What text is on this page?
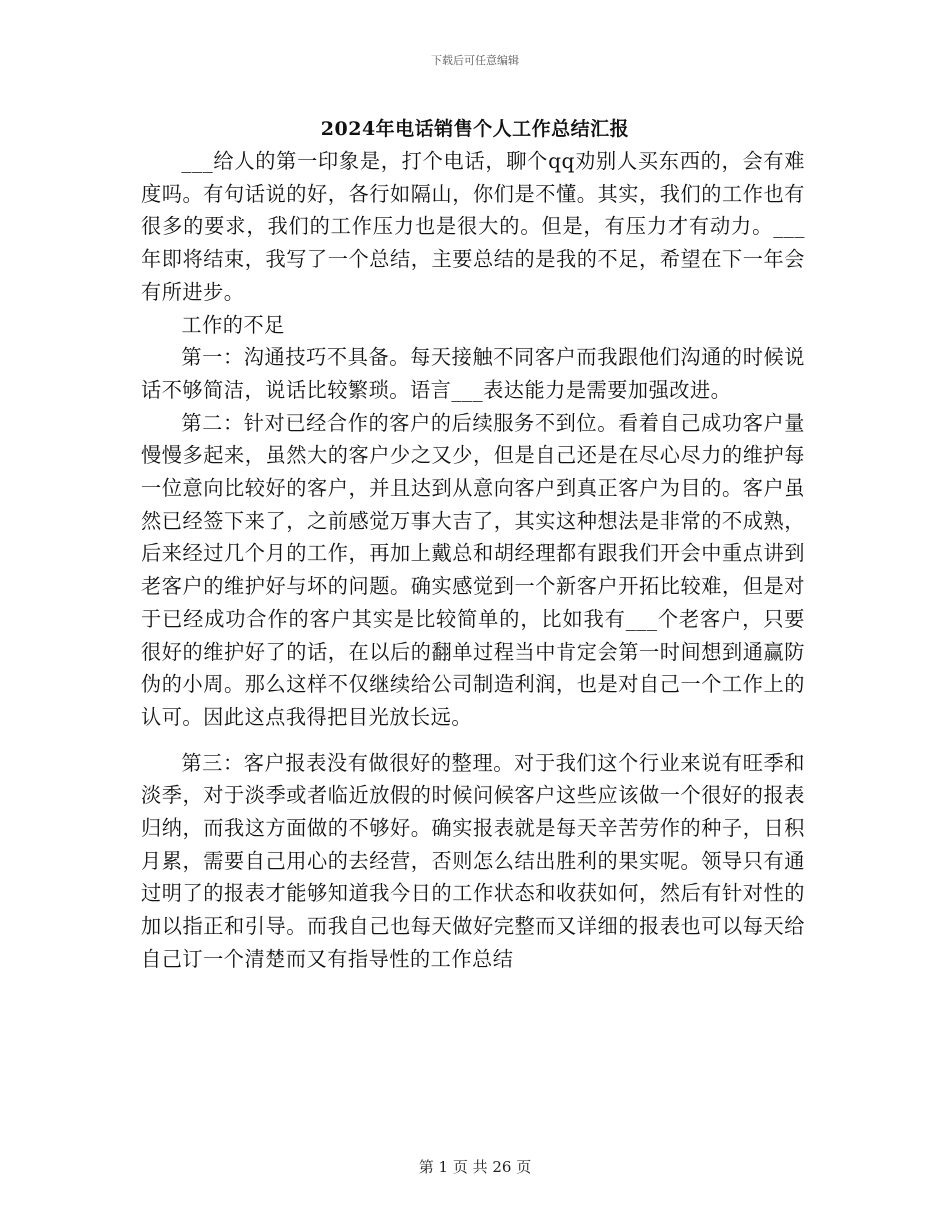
下载后可任意编辑
2024年电话销售个人工作总结汇报

___给人的第一印象是，打个电话，聊个qq劝别人买东西的，会有难度吗。有句话说的好，各行如隔山，你们是不懂。其实，我们的工作也有很多的要求，我们的工作压力也是很大的。但是，有压力才有动力。___年即将结束，我写了一个总结，主要总结的是我的不足，希望在下一年会有所进步。

工作的不足

第一：沟通技巧不具备。每天接触不同客户而我跟他们沟通的时候说话不够简洁，说话比较繁琐。语言___表达能力是需要加强改进。

第二：针对已经合作的客户的后续服务不到位。看着自己成功客户量慢慢多起来，虽然大的客户少之又少，但是自己还是在尽心尽力的维护每一位意向比较好的客户，并且达到从意向客户到真正客户为目的。客户虽然已经签下来了，之前感觉万事大吉了，其实这种想法是非常的不成熟，后来经过几个月的工作，再加上戴总和胡经理都有跟我们开会中重点讲到老客户的维护好与坏的问题。确实感觉到一个新客户开拓比较难，但是对于已经成功合作的客户其实是比较简单的，比如我有___个老客户，只要很好的维护好了的话，在以后的翻单过程当中肯定会第一时间想到通赢防伪的小周。那么这样不仅继续给公司制造利润，也是对自己一个工作上的认可。因此这点我得把目光放长远。

第三：客户报表没有做很好的整理。对于我们这个行业来说有旺季和淡季，对于淡季或者临近放假的时候问候客户这些应该做一个很好的报表归纳，而我这方面做的不够好。确实报表就是每天辛苦劳作的种子，日积月累，需要自己用心的去经营，否则怎么结出胜利的果实呢。领导只有通过明了的报表才能够知道我今日的工作状态和收获如何，然后有针对性的加以指正和引导。而我自己也每天做好完整而又详细的报表也可以每天给自己订一个清楚而又有指导性的工作总结

第 1 页 共 26 页
